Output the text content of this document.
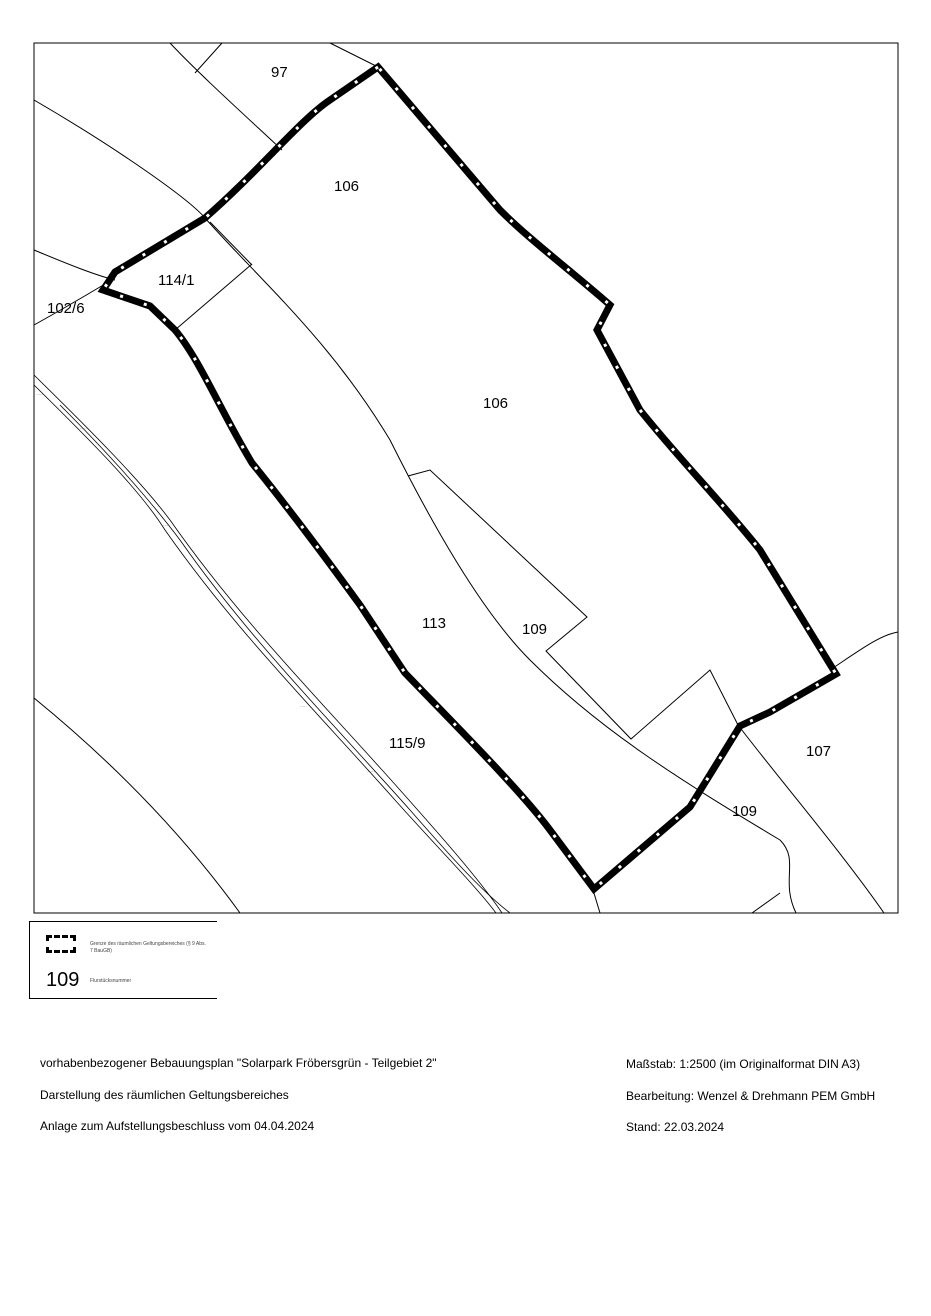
·····
·····
·····
·····
·····
97
106
106
114/1
102/6
113	109
115/9	107
109
Grenze des räumlichen Geltungsbereiches (§ 9 Abs. 7 BauGB)
109 Flurstücksnummer
vorhabenbezogener Bebauungsplan "Solarpark Fröbersgrün - Teilgebiet 2"
Darstellung des räumlichen Geltungsbereiches
Anlage zum Aufstellungsbeschluss vom 04.04.2024
Maßstab: 1:2500 (im Originalformat DIN A3)
Bearbeitung: Wenzel & Drehmann PEM GmbH
Stand: 22.03.2024
